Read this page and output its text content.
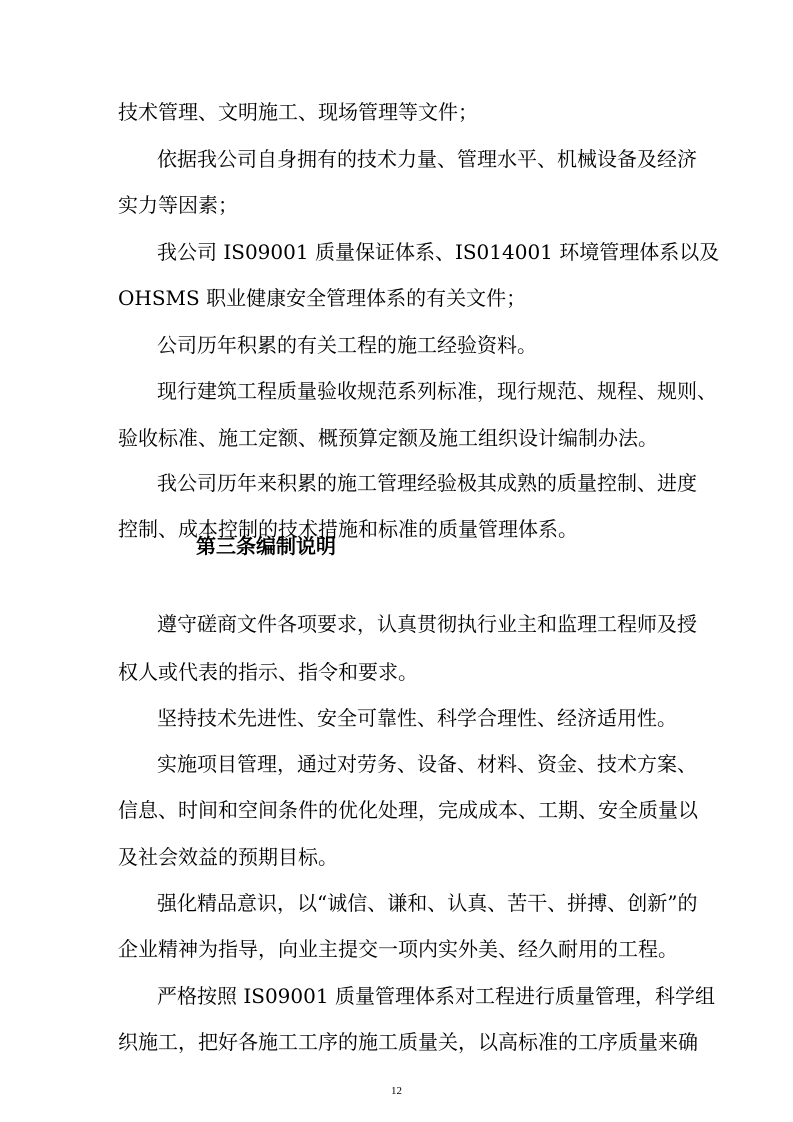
技术管理、文明施工、现场管理等文件；
依据我公司自身拥有的技术力量、管理水平、机械设备及经济
实力等因素；
我公司 IS09001 质量保证体系、IS014001 环境管理体系以及
OHSMS 职业健康安全管理体系的有关文件；
公司历年积累的有关工程的施工经验资料。
现行建筑工程质量验收规范系列标准，现行规范、规程、规则、
验收标准、施工定额、概预算定额及施工组织设计编制办法。
我公司历年来积累的施工管理经验极其成熟的质量控制、进度
控制、成本控制的技术措施和标准的质量管理体系。
第三条编制说明
遵守磋商文件各项要求，认真贯彻执行业主和监理工程师及授
权人或代表的指示、指令和要求。
坚持技术先进性、安全可靠性、科学合理性、经济适用性。
实施项目管理，通过对劳务、设备、材料、资金、技术方案、
信息、时间和空间条件的优化处理，完成成本、工期、安全质量以
及社会效益的预期目标。
强化精品意识，以“诚信、谦和、认真、苦干、拼搏、创新”的
企业精神为指导，向业主提交一项内实外美、经久耐用的工程。
严格按照 IS09001 质量管理体系对工程进行质量管理，科学组
织施工，把好各施工工序的施工质量关，以高标准的工序质量来确
12
